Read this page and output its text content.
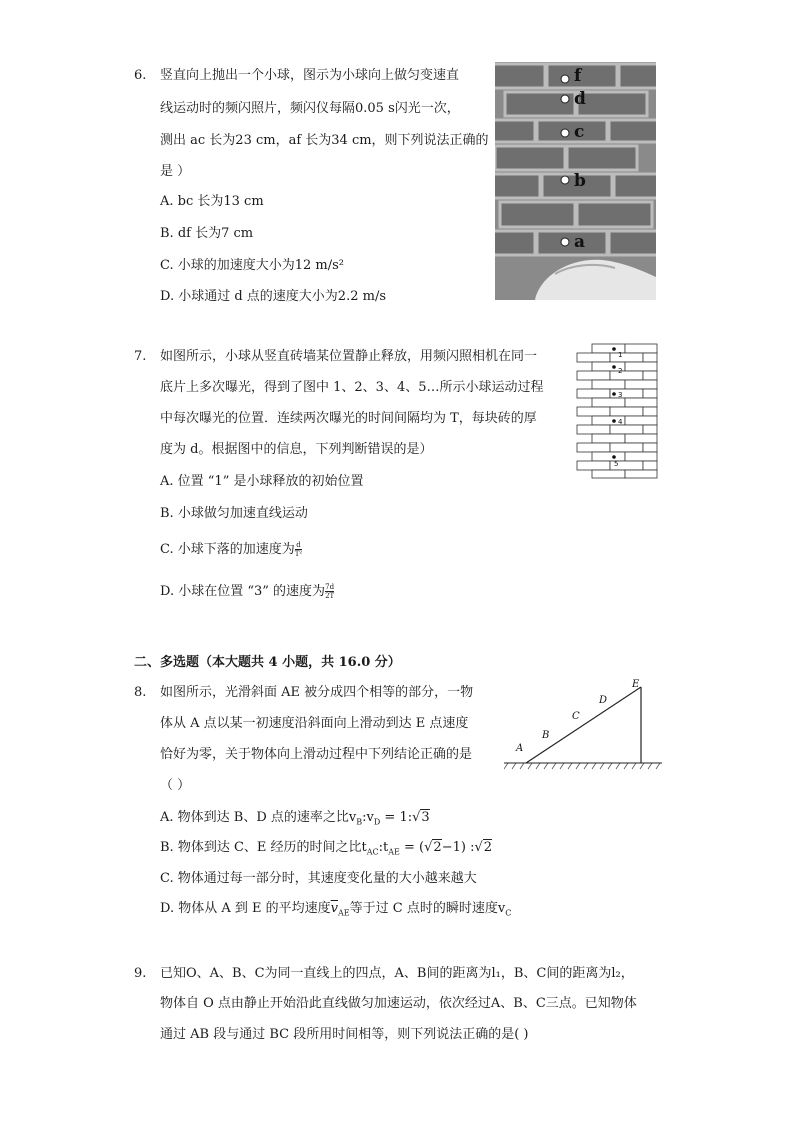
6. 竖直向上抛出一个小球，图示为小球向上做匀变速直
线运动时的频闪照片，频闪仪每隔0.05 s闪光一次，
测出 ac 长为23 cm，af 长为34 cm，则下列说法正确的
是 ）
A. bc 长为13 cm
B. df 长为7 cm
C. 小球的加速度大小为12 m/s²
D. 小球通过 d 点的速度大小为2.2 m/s
f
d
c
b
a
7. 如图所示，小球从竖直砖墙某位置静止释放，用频闪照相机在同一
底片上多次曝光，得到了图中 1、2、3、4、5…所示小球运动过程
中每次曝光的位置．连续两次曝光的时间间隔均为 T，每块砖的厚
度为 d。根据图中的信息，下列判断错误的是）
A. 位置 “1” 是小球释放的初始位置
B. 小球做匀加速直线运动
C. 小球下落的加速度为 $\frac{d}{\text{T²}}$
D. 小球在位置 “3” 的速度为 $\frac{7d}{2T}$
1
2
3
4
5
二、多选题（本大题共 4 小题，共 16.0 分）
8. 如图所示，光滑斜面 AE 被分成四个相等的部分，一物
体从 A 点以某一初速度沿斜面向上滑动到达 E 点速度
恰好为零，关于物体向上滑动过程中下列结论正确的是
（ ）
A. 物体到达 B、D 点的速率之比$v_B:v_D$ = 1:√3
B. 物体到达 C、E 经历的时间之比$t_{AC}:t_{AE} = (√2-1)$ :√2
C. 物体通过每一部分时，其速度变化量的大小越来越大
D. 物体从 A 到 E 的平均速度$\overline{v}_{AE}$等于过 C 点时的瞬时速度$v_C$
A
B
C
D
E
9. 已知O、A、B、C为同一直线上的四点，A、B间的距离为l₁，B、C间的距离为l₂，
物体自 O 点由静止开始沿此直线做匀加速运动，依次经过A、B、C三点。已知物体
通过 AB 段与通过 BC 段所用时间相等，则下列说法正确的是( )
